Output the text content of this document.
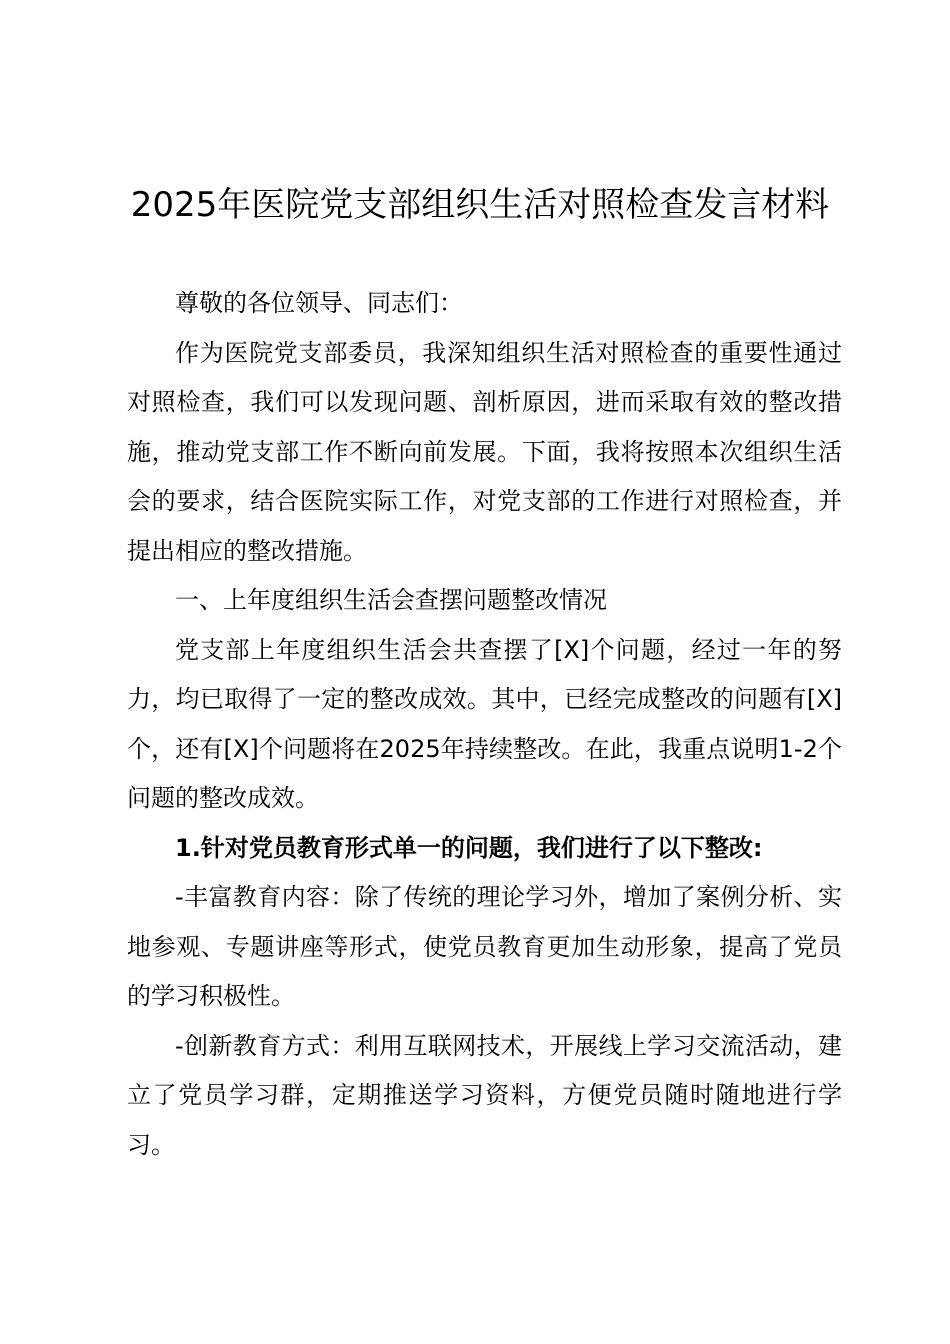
2025年医院党支部组织生活对照检查发言材料

尊敬的各位领导、同志们：

作为医院党支部委员，我深知组织生活对照检查的重要性通过对照检查，我们可以发现问题、剖析原因，进而采取有效的整改措施，推动党支部工作不断向前发展。下面，我将按照本次组织生活会的要求，结合医院实际工作，对党支部的工作进行对照检查，并提出相应的整改措施。

一、上年度组织生活会查摆问题整改情况

党支部上年度组织生活会共查摆了[X]个问题，经过一年的努力，均已取得了一定的整改成效。其中，已经完成整改的问题有[X]个，还有[X]个问题将在2025年持续整改。在此，我重点说明1-2个问题的整改成效。

1.针对党员教育形式单一的问题，我们进行了以下整改:

-丰富教育内容：除了传统的理论学习外，增加了案例分析、实地参观、专题讲座等形式，使党员教育更加生动形象，提高了党员的学习积极性。

-创新教育方式：利用互联网技术，开展线上学习交流活动，建立了党员学习群，定期推送学习资料，方便党员随时随地进行学习。
